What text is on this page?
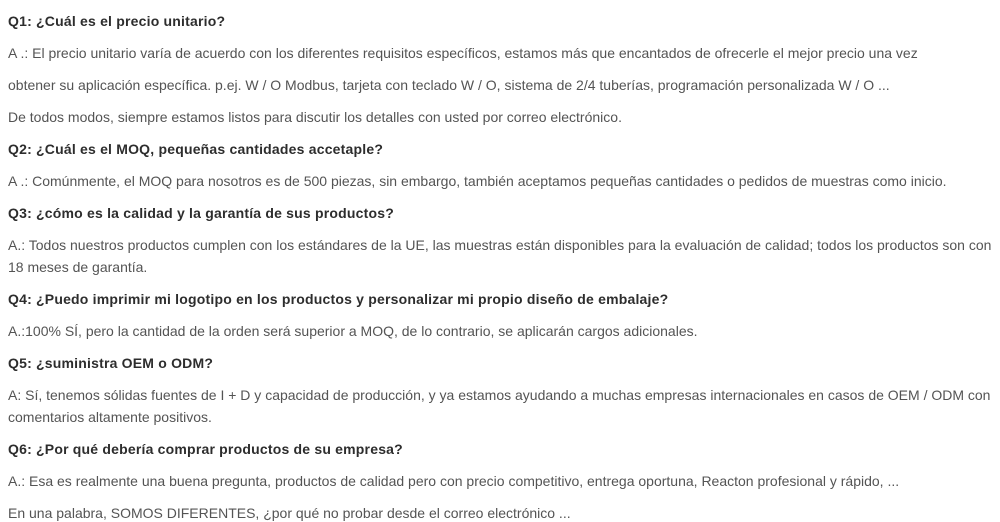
Q1: ¿Cuál es el precio unitario?
A .: El precio unitario varía de acuerdo con los diferentes requisitos específicos, estamos más que encantados de ofrecerle el mejor precio una vez
obtener su aplicación específica. p.ej. W / O Modbus, tarjeta con teclado W / O, sistema de 2/4 tuberías, programación personalizada W / O ...
De todos modos, siempre estamos listos para discutir los detalles con usted por correo electrónico.
Q2: ¿Cuál es el MOQ, pequeñas cantidades accetaple?
A .: Comúnmente, el MOQ para nosotros es de 500 piezas, sin embargo, también aceptamos pequeñas cantidades o pedidos de muestras como inicio.
Q3: ¿cómo es la calidad y la garantía de sus productos?
A.: Todos nuestros productos cumplen con los estándares de la UE, las muestras están disponibles para la evaluación de calidad; todos los productos son con
18 meses de garantía.
Q4: ¿Puedo imprimir mi logotipo en los productos y personalizar mi propio diseño de embalaje?
A.:100% SÍ, pero la cantidad de la orden será superior a MOQ, de lo contrario, se aplicarán cargos adicionales.
Q5: ¿suministra OEM o ODM?
A: Sí, tenemos sólidas fuentes de I + D y capacidad de producción, y ya estamos ayudando a muchas empresas internacionales en casos de OEM / ODM con
comentarios altamente positivos.
Q6: ¿Por qué debería comprar productos de su empresa?
A.: Esa es realmente una buena pregunta, productos de calidad pero con precio competitivo, entrega oportuna, Reacton profesional y rápido, ...
En una palabra, SOMOS DIFERENTES, ¿por qué no probar desde el correo electrónico ...
